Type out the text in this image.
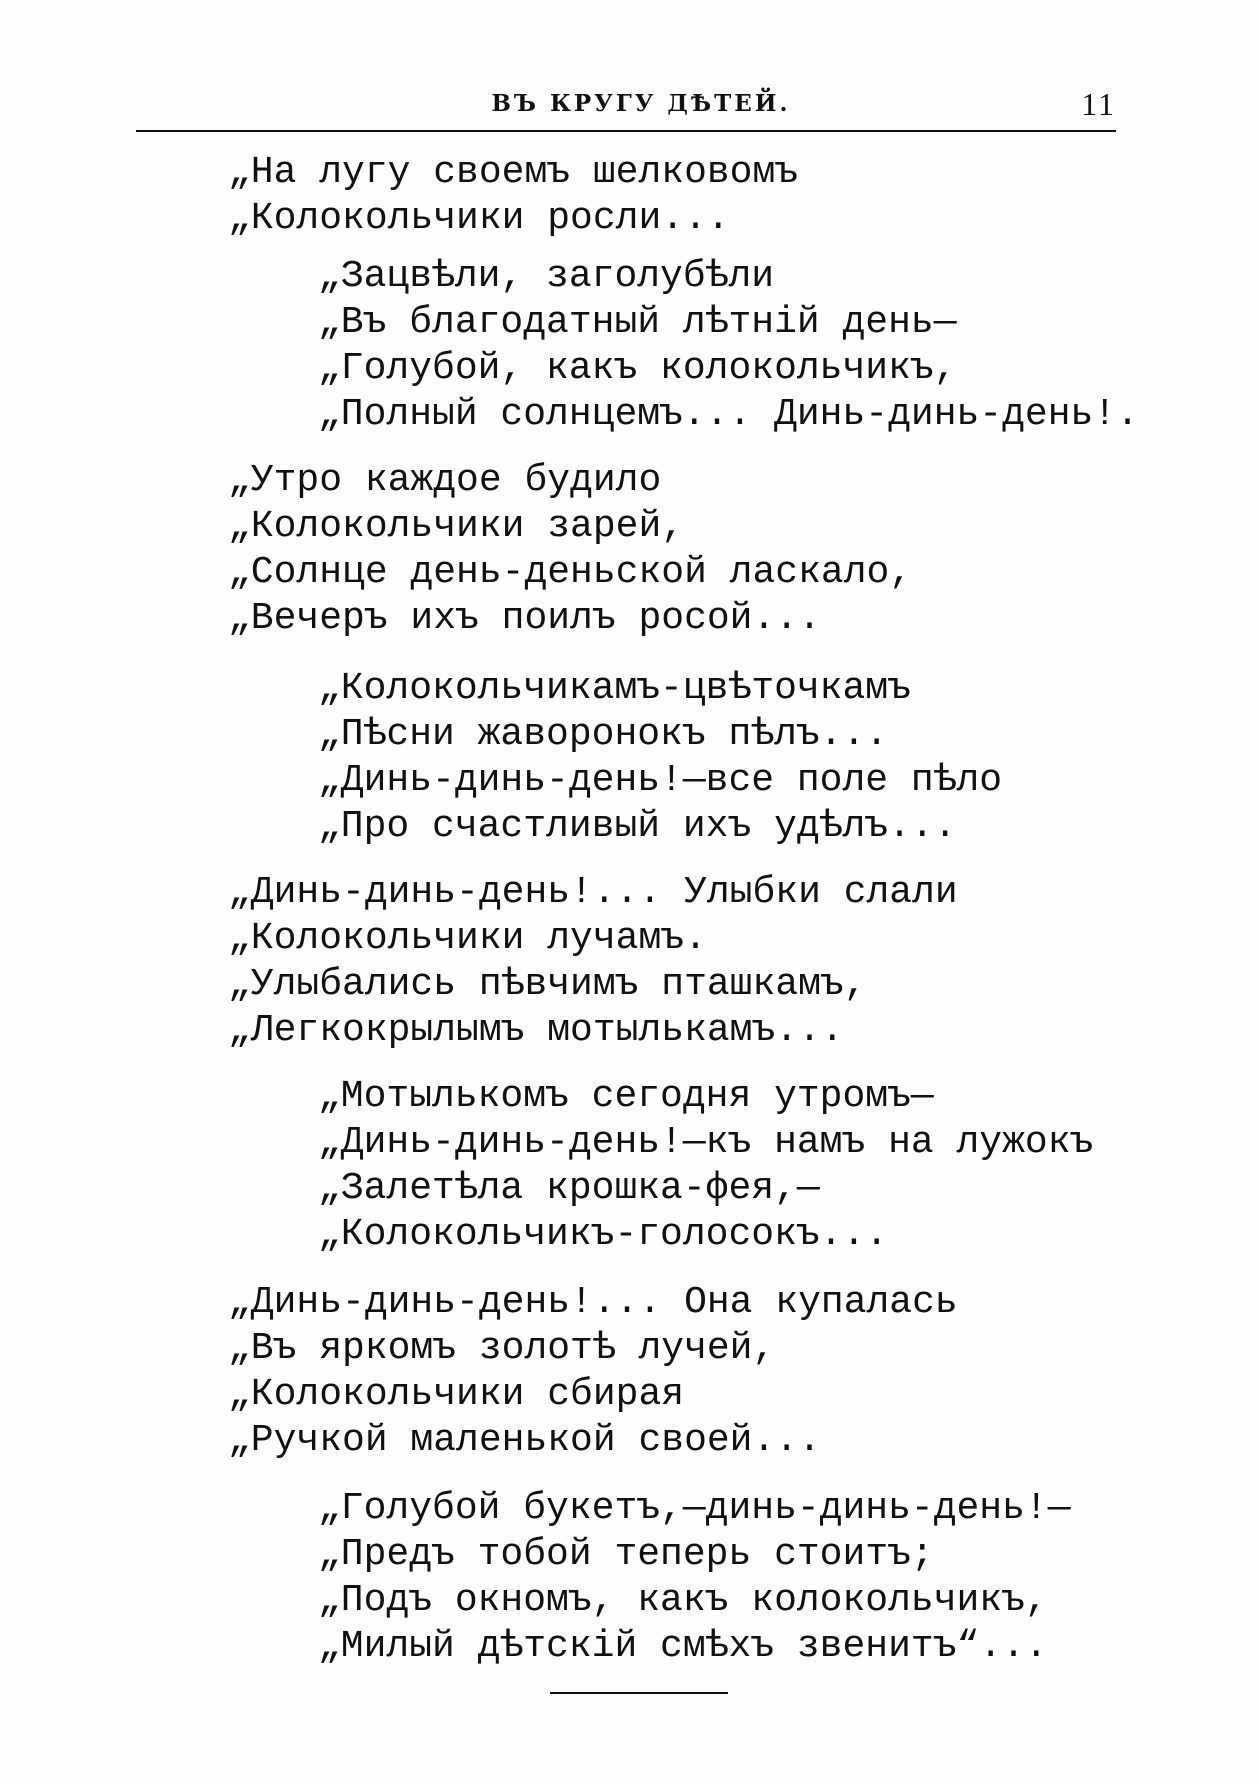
ВЪ КРУГУ ДѢТЕЙ.	11
„На лугу своемъ шелковомъ
„Колокольчики росли...
„Зацвѣли, заголубѣли
„Въ благодатный лѣтній день—
„Голубой, какъ колокольчикъ,
„Полный солнцемъ... Динь-динь-день!.
„Утро каждое будило
„Колокольчики зарей,
„Солнце день-деньской ласкало,
„Вечеръ ихъ поилъ росой...
„Колокольчикамъ-цвѣточкамъ
„Пѣсни жаворонокъ пѣлъ...
„Динь-динь-день!—все поле пѣло
„Про счастливый ихъ удѣлъ...
„Динь-динь-день!... Улыбки слали
„Колокольчики лучамъ.
„Улыбались пѣвчимъ пташкамъ,
„Легкокрылымъ мотылькамъ...
„Мотылькомъ сегодня утромъ—
„Динь-динь-день!—къ намъ на лужокъ
„Залетѣла крошка-фея,—
„Колокольчикъ-голосокъ...
„Динь-динь-день!... Она купалась
„Въ яркомъ золотѣ лучей,
„Колокольчики сбирая
„Ручкой маленькой своей...
„Голубой букетъ,—динь-динь-день!—
„Предъ тобой теперь стоитъ;
„Подъ окномъ, какъ колокольчикъ,
„Милый дѣтскій смѣхъ звенитъ“...
